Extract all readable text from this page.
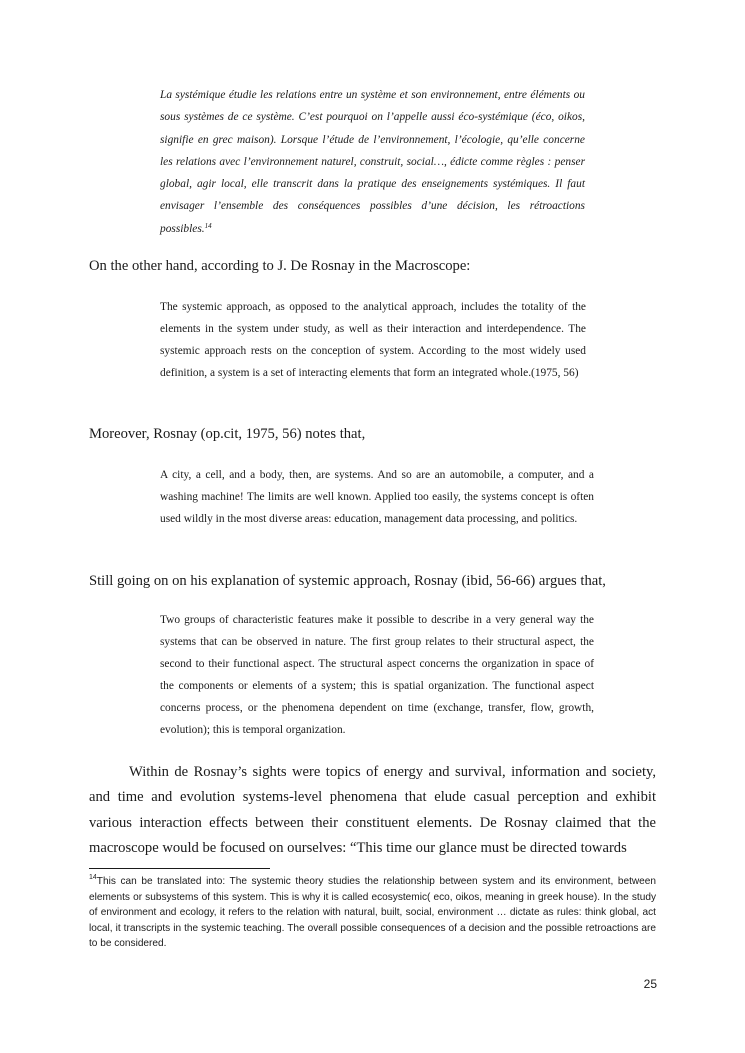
La systémique étudie les relations entre un système et son environnement, entre éléments ou sous systèmes de ce système. C’est pourquoi on l’appelle aussi éco-systémique (éco, oikos, signifie en grec maison). Lorsque l’étude de l’environnement, l’écologie, qu’elle concerne les relations avec l’environnement naturel, construit, social…, édicte comme règles : penser global, agir local, elle transcrit dans la pratique des enseignements systémiques. Il faut envisager l’ensemble des conséquences possibles d’une décision, les rétroactions possibles.$^{14}$

On the other hand, according to J. De Rosnay in the Macroscope:

The systemic approach, as opposed to the analytical approach, includes the totality of the elements in the system under study, as well as their interaction and interdependence. The systemic approach rests on the conception of system. According to the most widely used definition, a system is a set of interacting elements that form an integrated whole.(1975, 56)

Moreover, Rosnay (op.cit, 1975, 56) notes that,

A city, a cell, and a body, then, are systems. And so are an automobile, a computer, and a washing machine! The limits are well known. Applied too easily, the systems concept is often used wildly in the most diverse areas: education, management data processing, and politics.

Still going on on his explanation of systemic approach, Rosnay (ibid, 56-66) argues that,

Two groups of characteristic features make it possible to describe in a very general way the systems that can be observed in nature. The first group relates to their structural aspect, the second to their functional aspect. The structural aspect concerns the organization in space of the components or elements of a system; this is spatial organization. The functional aspect concerns process, or the phenomena dependent on time (exchange, transfer, flow, growth, evolution); this is temporal organization.

Within de Rosnay’s sights were topics of energy and survival, information and society, and time and evolution systems-level phenomena that elude casual perception and exhibit various interaction effects between their constituent elements. De Rosnay claimed that the macroscope would be focused on ourselves: “This time our glance must be directed towards

$^{14}$This can be translated into: The systemic theory studies the relationship between system and its environment, between elements or subsystems of this system. This is why it is called ecosystemic( eco, oikos, meaning in greek house). In the study of environment and ecology, it refers to the relation with natural, built, social, environment … dictate as rules: think global, act local, it transcripts in the systemic teaching. The overall possible consequences of a decision and the possible retroactions are to be considered.

25
